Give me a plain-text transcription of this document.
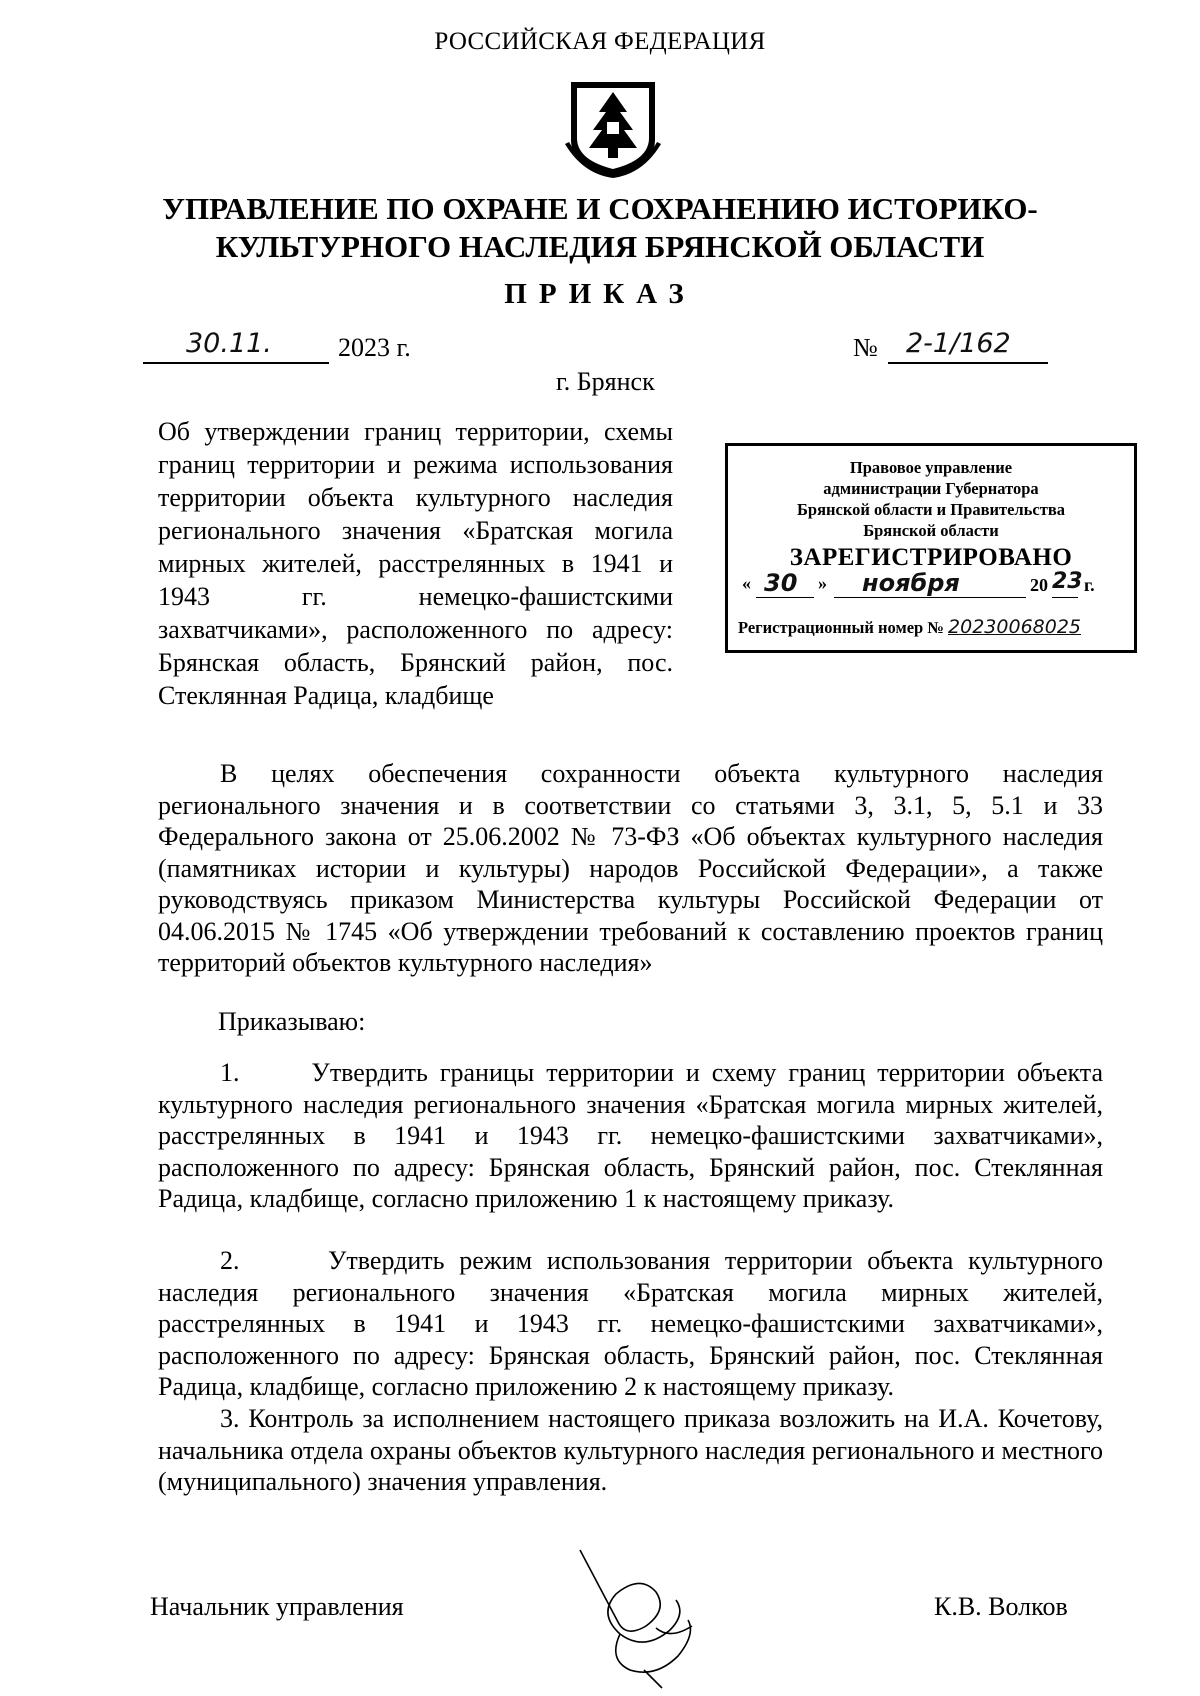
РОССИЙСКАЯ ФЕДЕРАЦИЯ
УПРАВЛЕНИЕ ПО ОХРАНЕ И СОХРАНЕНИЮ ИСТОРИКО-
КУЛЬТУРНОГО НАСЛЕДИЯ БРЯНСКОЙ ОБЛАСТИ
ПРИКАЗ
30.11.	2023 г.	№ 2-1/162
г. Брянск
Об утверждении границ территории, схемы границ территории и режима использования территории объекта культурного наследия регионального значения «Братская могила мирных жителей, расстрелянных в 1941 и 1943 гг. немецко-фашистскими захватчиками», расположенного по адресу: Брянская область, Брянский район, пос. Стеклянная Радица, кладбище
Правовое управление
администрации Губернатора
Брянской области и Правительства
Брянской области
ЗАРЕГИСТРИРОВАНО
« 30 » ноября	20 23 г.
Регистрационный номер № 20230068025
В целях обеспечения сохранности объекта культурного наследия регионального значения и в соответствии со статьями 3, 3.1, 5, 5.1 и 33 Федерального закона от 25.06.2002 № 73-ФЗ «Об объектах культурного наследия (памятниках истории и культуры) народов Российской Федерации», а также руководствуясь приказом Министерства культуры Российской Федерации от 04.06.2015 № 1745 «Об утверждении требований к составлению проектов границ территорий объектов культурного наследия»
Приказываю:
1.      Утвердить границы территории и схему границ территории объекта культурного наследия регионального значения «Братская могила мирных жителей, расстрелянных в 1941 и 1943 гг. немецко-фашистскими захватчиками», расположенного по адресу: Брянская область, Брянский район, пос. Стеклянная Радица, кладбище, согласно приложению 1 к настоящему приказу.
2.      Утвердить режим использования территории объекта культурного наследия регионального значения «Братская могила мирных жителей, расстрелянных в 1941 и 1943 гг. немецко-фашистскими захватчиками», расположенного по адресу: Брянская область, Брянский район, пос. Стеклянная Радица, кладбище, согласно приложению 2 к настоящему приказу.
3. Контроль за исполнением настоящего приказа возложить на И.А. Кочетову, начальника отдела охраны объектов культурного наследия регионального и местного (муниципального) значения управления.
Начальник управления	К.В. Волков
